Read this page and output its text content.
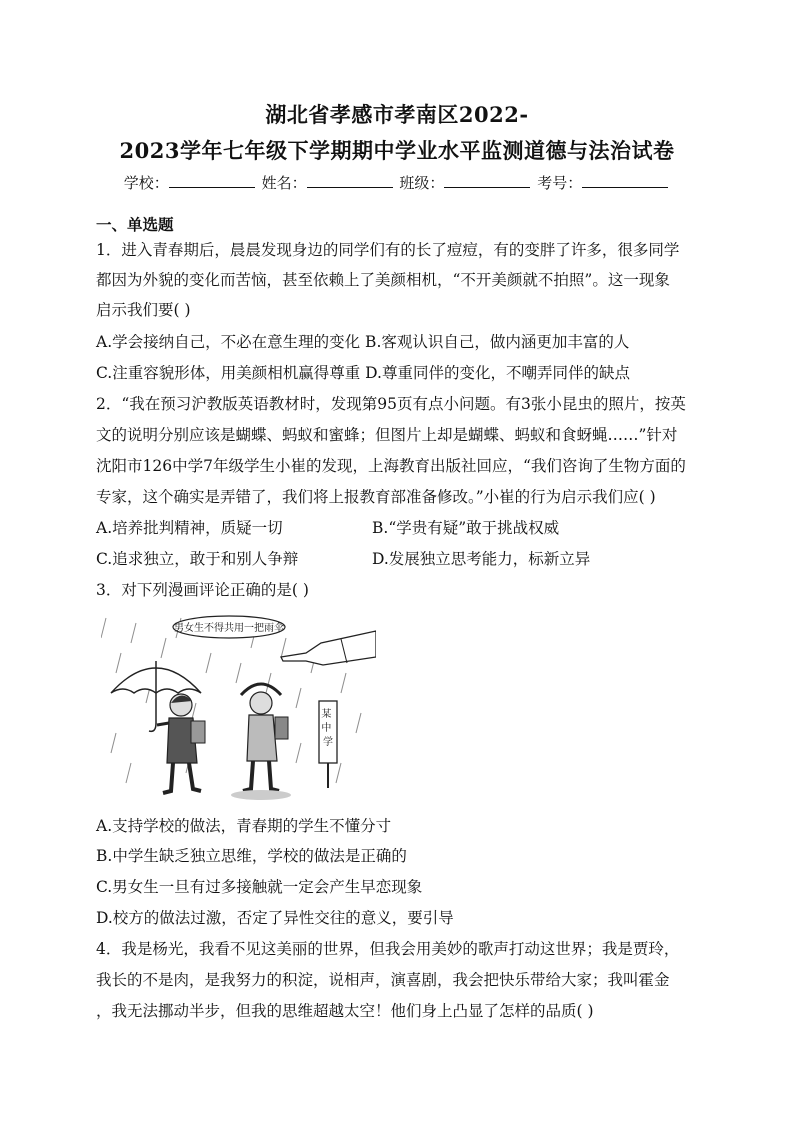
湖北省孝感市孝南区2022-
2023学年七年级下学期期中学业水平监测道德与法治试卷
学校：	姓名：	班级：	考号：
一、单选题
1．进入青春期后，晨晨发现身边的同学们有的长了痘痘，有的变胖了许多，很多同学
都因为外貌的变化而苦恼，甚至依赖上了美颜相机，“不开美颜就不拍照”。这一现象
启示我们要( )
A.学会接纳自己，不必在意生理的变化 B.客观认识自己，做内涵更加丰富的人
C.注重容貌形体，用美颜相机赢得尊重 D.尊重同伴的变化，不嘲弄同伴的缺点
2．“我在预习沪教版英语教材时，发现第95页有点小问题。有3张小昆虫的照片，按英
文的说明分别应该是蝴蝶、蚂蚁和蜜蜂；但图片上却是蝴蝶、蚂蚁和食蚜蝇……”针对
沈阳市126中学7年级学生小崔的发现，上海教育出版社回应，“我们咨询了生物方面的
专家，这个确实是弄错了，我们将上报教育部准备修改。”小崔的行为启示我们应( )
A.培养批判精神，质疑一切	B.“学贵有疑”敢于挑战权威
C.追求独立，敢于和别人争辩	D.发展独立思考能力，标新立异
3．对下列漫画评论正确的是( )
男女生不得共用一把雨伞
某 中 学
A.支持学校的做法，青春期的学生不懂分寸
B.中学生缺乏独立思维，学校的做法是正确的
C.男女生一旦有过多接触就一定会产生早恋现象
D.校方的做法过激，否定了异性交往的意义，要引导
4．我是杨光，我看不见这美丽的世界，但我会用美妙的歌声打动这世界；我是贾玲，
我长的不是肉，是我努力的积淀，说相声，演喜剧，我会把快乐带给大家；我叫霍金
，我无法挪动半步，但我的思维超越太空！他们身上凸显了怎样的品质( )
